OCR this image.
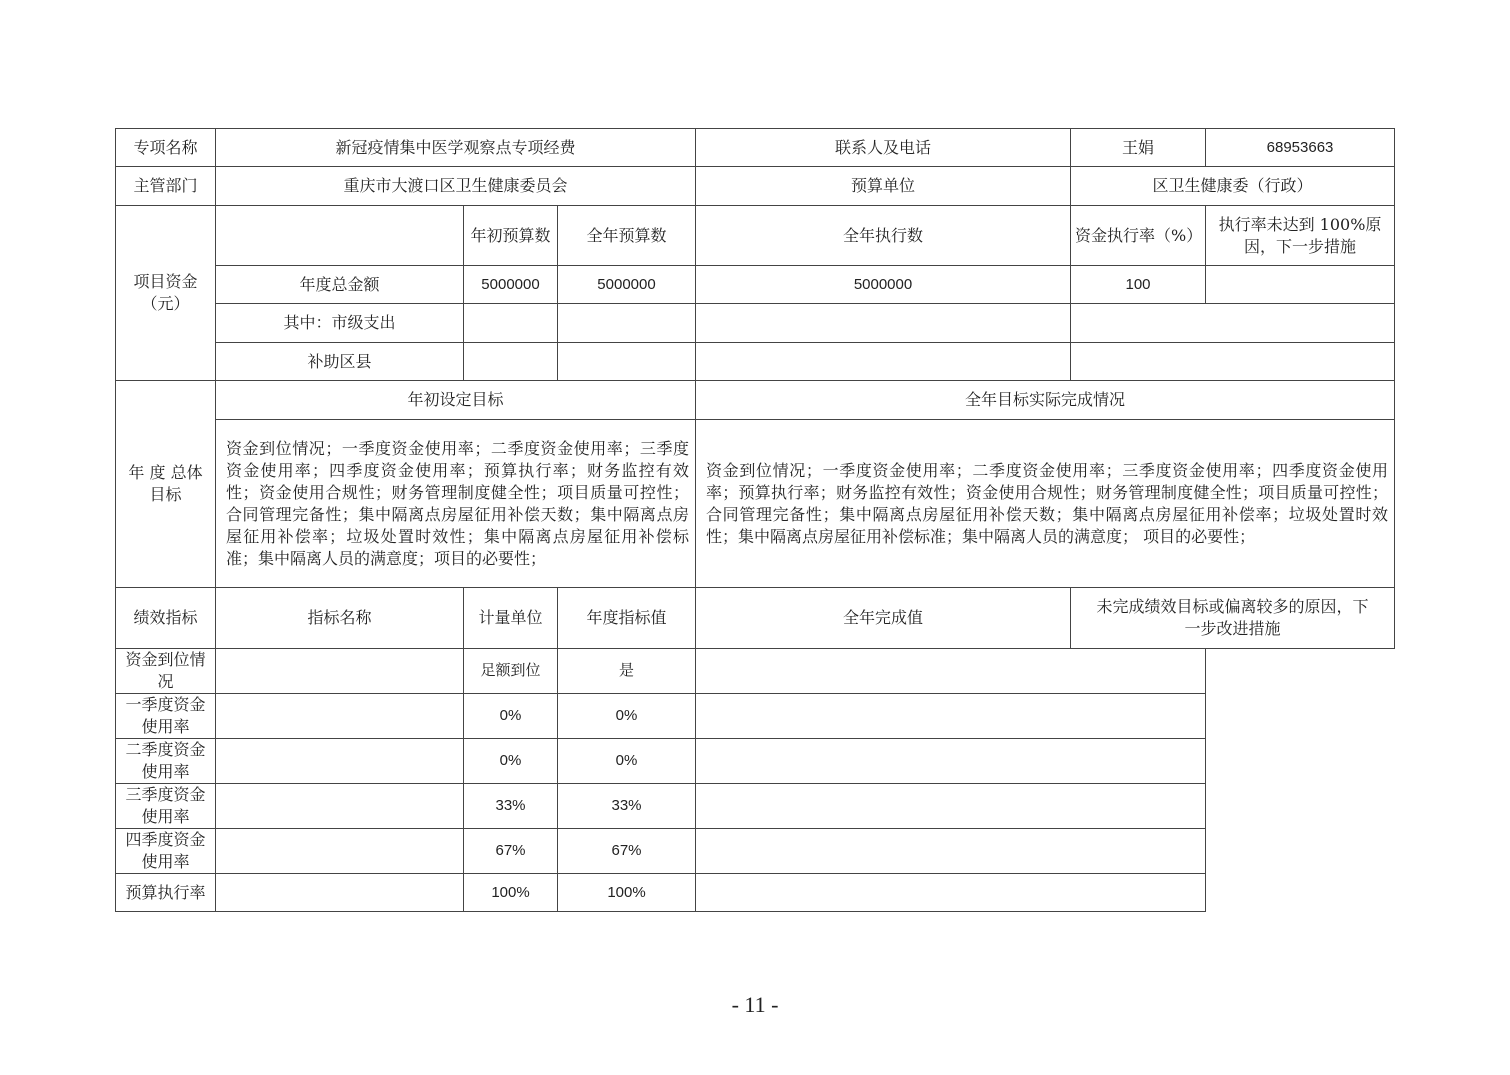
专项名称	新冠疫情集中医学观察点专项经费			联系人及电话	王娟	68953663
主管部门	重庆市大渡口区卫生健康委员会			预算单位	区卫生健康委（行政）	
项目资金（元）		年初预算数	全年预算数	全年执行数	资金执行率（%）	执行率未达到 100%原因，下一步措施
	年度总金额	5000000	5000000	5000000	100	
	其中：市级支出					
	补助区县					
年 度 总体目标	年初设定目标			全年目标实际完成情况		
	资金到位情况；一季度资金使用率；二季度资金使用率；三季度资金使用率；四季度资金使用率；预算执行率；财务监控有效性；资金使用合规性；财务管理制度健全性；项目质量可控性；合同管理完备性；集中隔离点房屋征用补偿天数；集中隔离点房屋征用补偿率；垃圾处置时效性；集中隔离点房屋征用补偿标准；集中隔离人员的满意度；项目的必要性；			资金到位情况；一季度资金使用率；二季度资金使用率；三季度资金使用率；四季度资金使用率；预算执行率；财务监控有效性；资金使用合规性；财务管理制度健全性；项目质量可控性；合同管理完备性；集中隔离点房屋征用补偿天数；集中隔离点房屋征用补偿率；垃圾处置时效性；集中隔离点房屋征用补偿标准；集中隔离人员的满意度； 项目的必要性；		
绩效指标	指标名称	计量单位	年度指标值	全年完成值	未完成绩效目标或偏离较多的原因，下一步改进措施	
资金到位情况		足额到位	是			
一季度资金使用率		0%	0%			
二季度资金使用率		0%	0%			
三季度资金使用率		33%	33%			
四季度资金使用率		67%	67%			
预算执行率		100%	100%			
- 11 -
